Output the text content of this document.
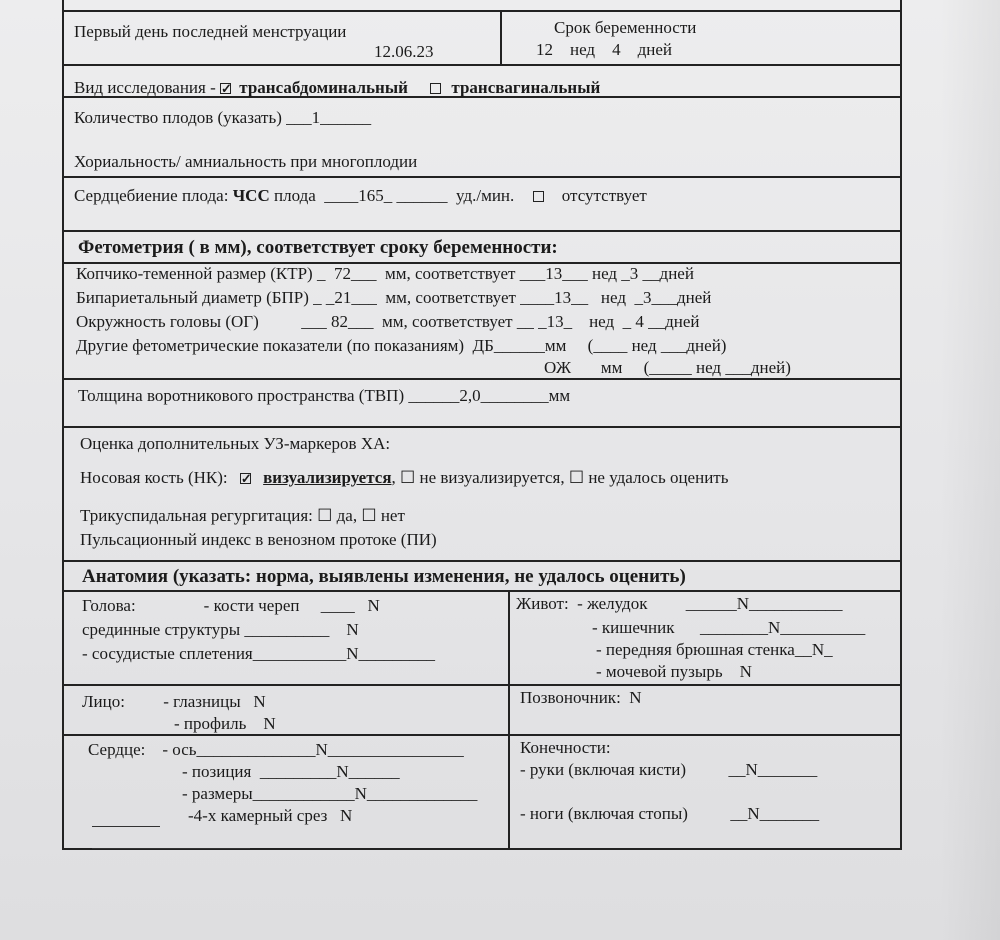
Первый день последней менструации
12.06.23
Срок беременности
12    нед    4    дней
Вид исследования - ✓ трансабдоминальный	трансвагинальный
Количество плодов (указать) ___1______
Хориальность/ амниальность при многоплодии
Сердцебиение плода: ЧСС плода  ____165_ ______  уд./мин.	отсутствует
Фетометрия ( в мм), соответствует сроку беременности:
Копчико-теменной размер (КТР) _  72___  мм, соответствует ___13___ нед _3 __дней
Бипариетальный диаметр (БПР) _ _21___  мм, соответствует ____13__   нед  _3___дней
Окружность головы (ОГ)          ___ 82___  мм, соответствует __ _13_    нед  _ 4 __дней
Другие фетометрические показатели (по показаниям)  ДБ______мм     (____ нед ___дней)
ОЖ       мм     (_____ нед ___дней)
Толщина воротникового пространства (ТВП) ______2,0________мм
Оценка дополнительных УЗ-маркеров ХА:
Носовая кость (НК): ✓ визуализируется, ☐ не визуализируется, ☐ не удалось оценить
Трикуспидальная регургитация: ☐ да, ☐ нет
Пульсационный индекс в венозном протоке (ПИ)
Анатомия (указать: норма, выявлены изменения, не удалось оценить)
Голова:                - кости череп     ____   N
срединные структуры __________    N
- сосудистые сплетения___________N_________
Живот:  - желудок         ______N___________
- кишечник      ________N__________
- передняя брюшная стенка__N_
- мочевой пузырь    N
Лицо:         - глазницы   N
- профиль    N
Позвоночник:  N
Сердце:    - ось______________N________________
- позиция  _________N______
- размеры____________N_____________
-4-х камерный срез   N
Конечности:
- руки (включая кисти)          __N_______
- ноги (включая стопы)          __N_______
